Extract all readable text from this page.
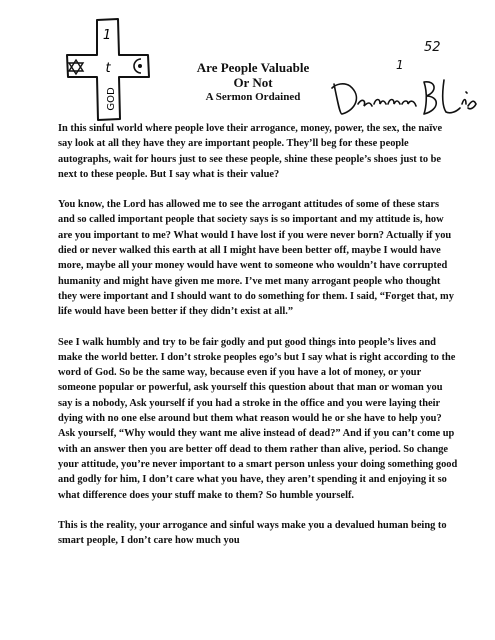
1
t
GOD
Are People Valuable
Or Not
A Sermon Ordained
52
1

In this sinful world where people love their arrogance, money, power, the sex, the naïve say look at all they have they are important people. They’ll beg for these people autographs, wait for hours just to see these people, shine these people’s shoes just to be next to these people. But I say what is their value?

You know, the Lord has allowed me to see the arrogant attitudes of some of these stars and so called important people that society says is so important and my attitude is, how are you important to me? What would I have lost if you were never born? Actually if you died or never walked this earth at all I might have been better off, maybe I would have more, maybe all your money would have went to someone who wouldn’t have corrupted humanity and might have given me more. I’ve met many arrogant people who thought they were important and I should want to do something for them. I said, “Forget that, my life would have been better if they didn’t exist at all.”

See I walk humbly and try to be fair godly and put good things into people’s lives and make the world better. I don’t stroke peoples ego’s but I say what is right according to the word of God. So be the same way, because even if you have a lot of money, or your someone popular or powerful, ask yourself this question about that man or woman you say is a nobody, Ask yourself if you had a stroke in the office and you were laying their dying with no one else around but them what reason would he or she have to help you? Ask yourself, “Why would they want me alive instead of dead?” And if you can’t come up with an answer then you are better off dead to them rather than alive, period. So change your attitude, you’re never important to a smart person unless your doing something good and godly for him, I don’t care what you have, they aren’t spending it and enjoying it so what difference does your stuff make to them? So humble yourself.

This is the reality, your arrogance and sinful ways make you a devalued human being to smart people, I don’t care how much you
